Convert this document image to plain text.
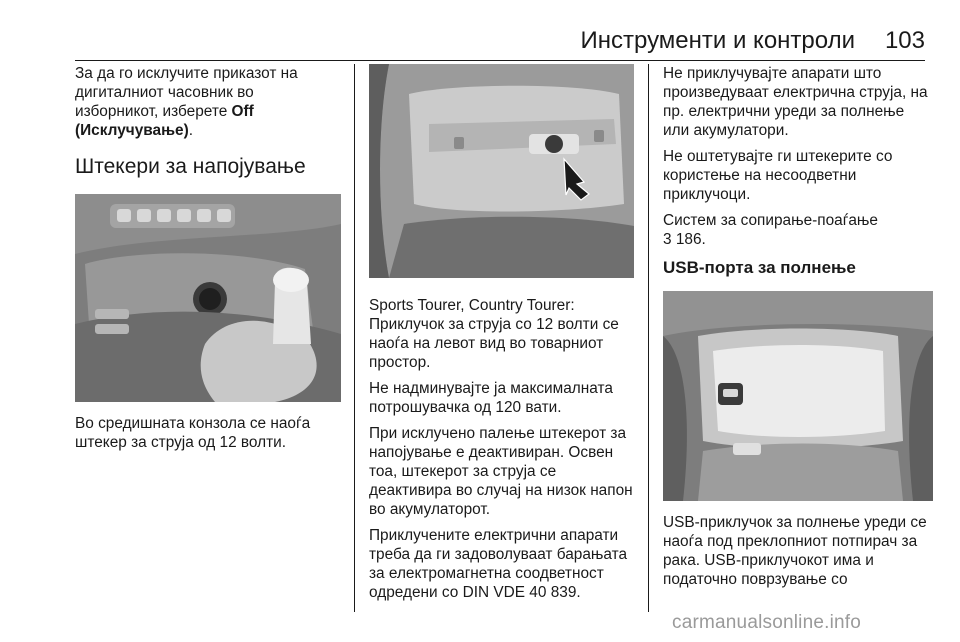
Инструменти и контроли 103

За да го исклучите приказот на
дигиталниот часовник во
изборникот, изберете Off
(Исклучување).

Штекери за напојување

Во средишната конзола се наоѓа штекер за струја од 12 волти.

Sports Tourer, Country Tourer: Приклучок за струја со 12 волти се наоѓа на левот вид во товарниот простор.

Не надминувајте ја максималната потрошувачка од 120 вати.

При исклучено палење штекерот за напојување е деактивиран. Освен тоа, штекерот за струја се деактивира во случај на низок напон во акумулаторот.

Приклучените електрични апарати треба да ги задоволуваат барањата за електромагнетна соодветност одредени со DIN VDE 40 839.

Не приклучувајте апарати што произведуваат електрична струја, на пр. електрични уреди за полнење или акумулатори.

Не оштетувајте ги штекерите со користење на несоодветни приклучоци.

Систем за сопирање-поаѓање
3 186.

USB-порта за полнење

USB-приклучок за полнење уреди се наоѓа под преклопниот потпирач за рака. USB-приклучокот има и податочно поврзување со

carmanualsonline.info
